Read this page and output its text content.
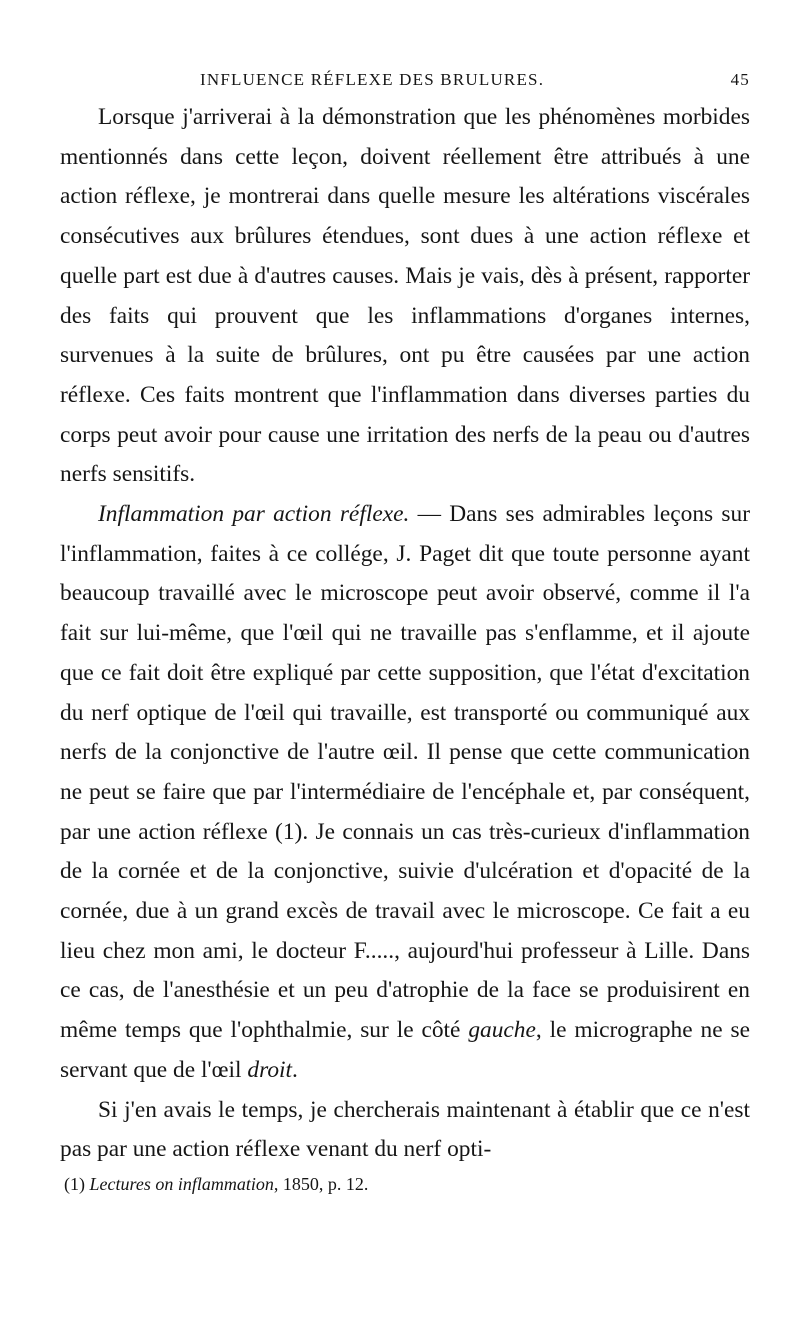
INFLUENCE RÉFLEXE DES BRULURES.	45

Lorsque j'arriverai à la démonstration que les phénomènes morbides mentionnés dans cette leçon, doivent réellement être attribués à une action réflexe, je montrerai dans quelle mesure les altérations viscérales consécutives aux brûlures étendues, sont dues à une action réflexe et quelle part est due à d'autres causes. Mais je vais, dès à présent, rapporter des faits qui prouvent que les inflammations d'organes internes, survenues à la suite de brûlures, ont pu être causées par une action réflexe. Ces faits montrent que l'inflammation dans diverses parties du corps peut avoir pour cause une irritation des nerfs de la peau ou d'autres nerfs sensitifs.

Inflammation par action réflexe. — Dans ses admirables leçons sur l'inflammation, faites à ce collége, J. Paget dit que toute personne ayant beaucoup travaillé avec le microscope peut avoir observé, comme il l'a fait sur lui-même, que l'œil qui ne travaille pas s'enflamme, et il ajoute que ce fait doit être expliqué par cette supposition, que l'état d'excitation du nerf optique de l'œil qui travaille, est transporté ou communiqué aux nerfs de la conjonctive de l'autre œil. Il pense que cette communication ne peut se faire que par l'intermédiaire de l'encéphale et, par conséquent, par une action réflexe (1). Je connais un cas très-curieux d'inflammation de la cornée et de la conjonctive, suivie d'ulcération et d'opacité de la cornée, due à un grand excès de travail avec le microscope. Ce fait a eu lieu chez mon ami, le docteur F....., aujourd'hui professeur à Lille. Dans ce cas, de l'anesthésie et un peu d'atrophie de la face se produisirent en même temps que l'ophthalmie, sur le côté gauche, le micrographe ne se servant que de l'œil droit.

Si j'en avais le temps, je chercherais maintenant à établir que ce n'est pas par une action réflexe venant du nerf opti-

(1) Lectures on inflammation, 1850, p. 12.
